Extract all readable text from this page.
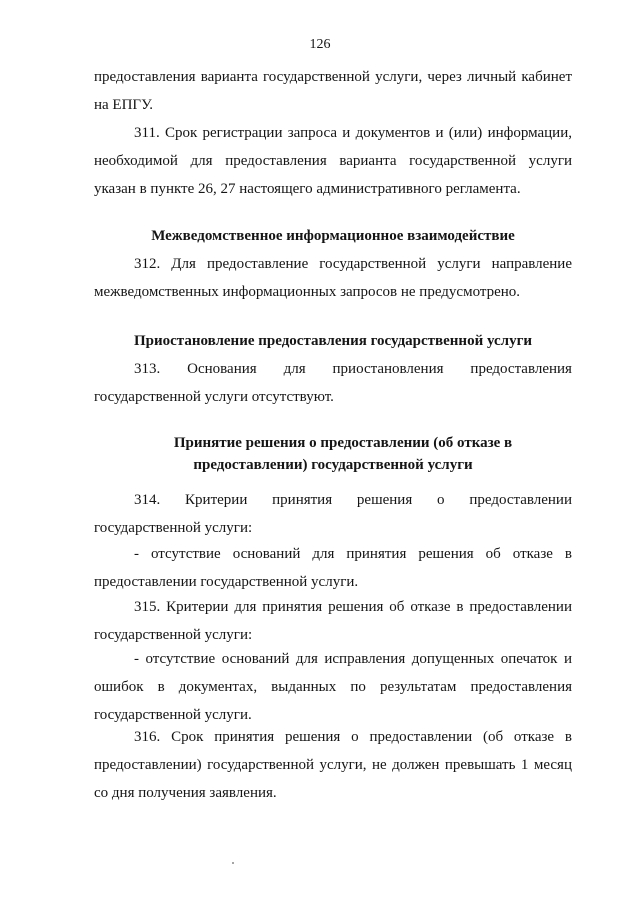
126

предоставления варианта государственной услуги, через личный кабинет на ЕПГУ.

311. Срок регистрации запроса и документов и (или) информации, необходимой для предоставления варианта государственной услуги указан в пункте 26, 27 настоящего административного регламента.

Межведомственное информационное взаимодействие

312. Для предоставление государственной услуги направление межведомственных информационных запросов не предусмотрено.

Приостановление предоставления государственной услуги

313. Основания для приостановления предоставления
государственной услуги отсутствуют.
Принятие решения о предоставлении (об отказе в
предоставлении) государственной услуги

314. Критерии принятия решения о предоставлении государственной услуги:

- отсутствие оснований для принятия решения об отказе в предоставлении государственной услуги.

315. Критерии для принятия решения об отказе в предоставлении государственной услуги:

- отсутствие оснований для исправления допущенных опечаток и ошибок в документах, выданных по результатам предоставления государственной услуги.

316. Срок принятия решения о предоставлении (об отказе в предоставлении) государственной услуги, не должен превышать 1 месяц со дня получения заявления.
